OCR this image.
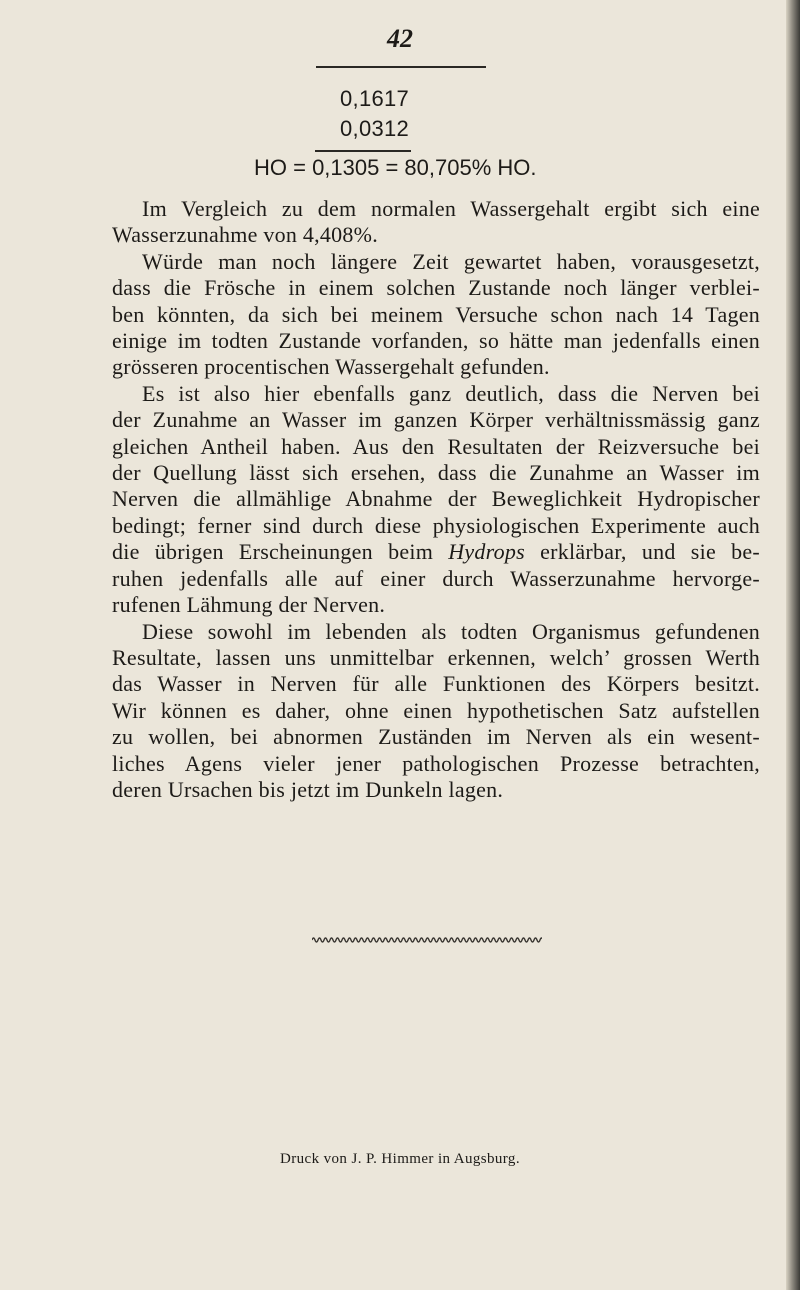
42
0,1617
0,0312
HO = 0,1305 = 80,705% HO.

Im Vergleich zu dem normalen Wassergehalt ergibt sich eine
Wasserzunahme von 4,408%.

Würde man noch längere Zeit gewartet haben, vorausgesetzt,
dass die Frösche in einem solchen Zustande noch länger verblei-
ben könnten, da sich bei meinem Versuche schon nach 14 Tagen
einige im todten Zustande vorfanden, so hätte man jedenfalls einen
grösseren procentischen Wassergehalt gefunden.

Es ist also hier ebenfalls ganz deutlich, dass die Nerven bei
der Zunahme an Wasser im ganzen Körper verhältnissmässig ganz
gleichen Antheil haben. Aus den Resultaten der Reizversuche bei
der Quellung lässt sich ersehen, dass die Zunahme an Wasser im
Nerven die allmählige Abnahme der Beweglichkeit Hydropischer
bedingt; ferner sind durch diese physiologischen Experimente auch
die übrigen Erscheinungen beim Hydrops erklärbar, und sie be-
ruhen jedenfalls alle auf einer durch Wasserzunahme hervorge-
rufenen Lähmung der Nerven.

Diese sowohl im lebenden als todten Organismus gefundenen
Resultate, lassen uns unmittelbar erkennen, welch’ grossen Werth
das Wasser in Nerven für alle Funktionen des Körpers besitzt.
Wir können es daher, ohne einen hypothetischen Satz aufstellen
zu wollen, bei abnormen Zuständen im Nerven als ein wesent-
liches Agens vieler jener pathologischen Prozesse betrachten,
deren Ursachen bis jetzt im Dunkeln lagen.

Druck von J. P. Himmer in Augsburg.
